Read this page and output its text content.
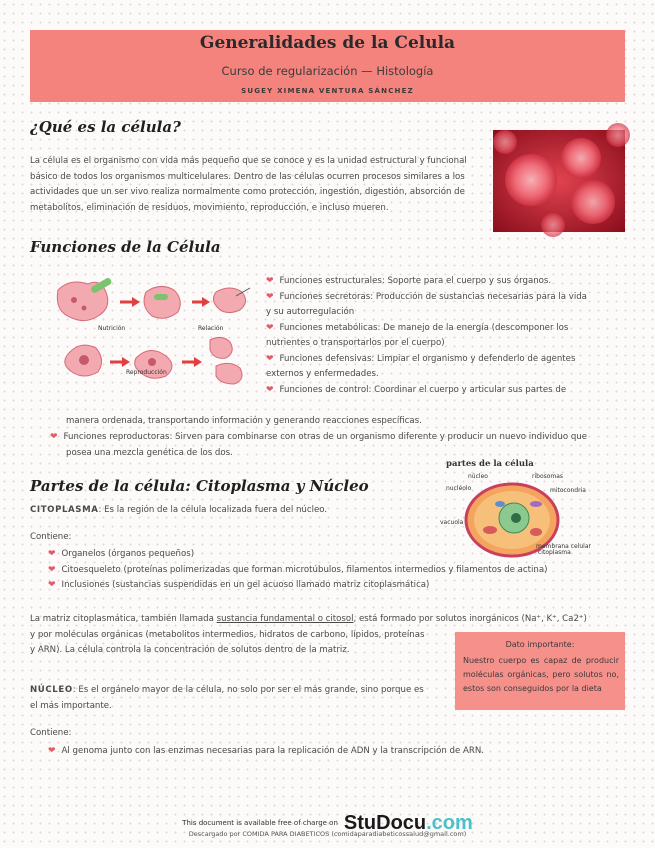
Generalidades de la Celula
Curso de regularización — Histología
SUGEY XIMENA VENTURA SÁNCHEZ
¿Qué es la célula?
La célula es el organismo con vida más pequeño que se conoce y es la unidad estructural y funcional
básico de todos los organismos multicelulares. Dentro de las células ocurren procesos similares a los
actividades que un ser vivo realiza normalmente como protección, ingestión, digestión, absorción de
metabolitos, eliminación de residuos, movimiento, reproducción, e incluso mueren.
Funciones de la Célula
Nutrición	Relación
Reproducción
❤ Funciones estructurales: Soporte para el cuerpo y sus órganos.
❤ Funciones secretoras: Producción de sustancias necesarias para la vida
y su autorregulación
❤ Funciones metabólicas: De manejo de la energía (descomponer los
nutrientes o transportarlos por el cuerpo)
❤ Funciones defensivas: Limpiar el organismo y defenderlo de agentes
externos y enfermedades.
❤ Funciones de control: Coordinar el cuerpo y articular sus partes de
manera ordenada, transportando información y generando reacciones específicas.
❤ Funciones reproductoras: Sirven para combinarse con otras de un organismo diferente y producir un nuevo individuo que
posea una mezcla genética de los dos.
Partes de la célula: Citoplasma y Núcleo
partes de la célula
núcleo	ribosomas
nucléolo	mitocondria
vacuola
citoplasma
membrana celular
CITOPLASMA: Es la región de la célula localizada fuera del núcleo.
Contiene:
❤ Organelos (órganos pequeños)
❤ Citoesqueleto (proteínas polimerizadas que forman microtúbulos, filamentos intermedios y filamentos de actina)
❤ Inclusiones (sustancias suspendidas en un gel acuoso llamado matriz citoplasmática)
La matriz citoplasmática, también llamada sustancia fundamental o citosol, está formado por solutos inorgánicos (Na⁺, K⁺, Ca2⁺)
y por moléculas orgánicas (metabolitos intermedios, hidratos de carbono, lípidos, proteínas
y ARN). La célula controla la concentración de solutos dentro de la matriz.
Dato importante:
Nuestro cuerpo es capaz de producir moléculas orgánicas, pero solutos no, estos son conseguidos por la dieta
NÚCLEO: Es el orgánelo mayor de la célula, no solo por ser el más grande, sino porque es
el más importante.
Contiene:
❤ Al genoma junto con las enzimas necesarias para la replicación de ADN y la transcripción de ARN.
This document is available free of charge on StuDocu.com
Descargado por COMIDA PARA DIABETICOS (comidaparadiabeticossalud@gmail.com)
